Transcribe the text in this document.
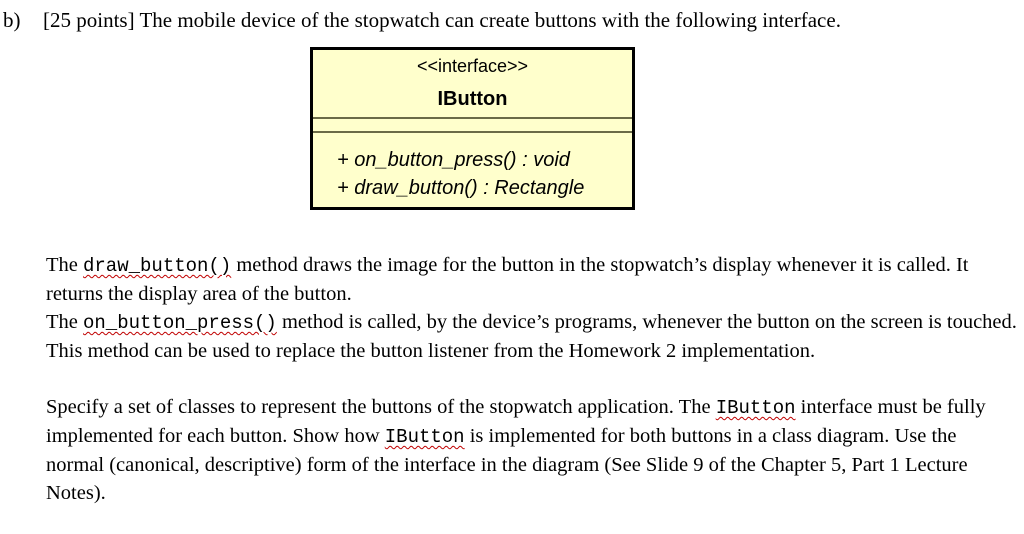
b) [25 points] The mobile device of the stopwatch can create buttons with the following interface.
<<interface>>
IButton
+ on_button_press() : void
+ draw_button() : Rectangle

The draw_button() method draws the image for the button in the stopwatch’s display whenever it is called. It returns the display area of the button.

The on_button_press() method is called, by the device’s programs, whenever the button on the screen is touched. This method can be used to replace the button listener from the Homework 2 implementation.

Specify a set of classes to represent the buttons of the stopwatch application. The IButton interface must be fully implemented for each button. Show how IButton is implemented for both buttons in a class diagram. Use the normal (canonical, descriptive) form of the interface in the diagram (See Slide 9 of the Chapter 5, Part 1 Lecture Notes).
